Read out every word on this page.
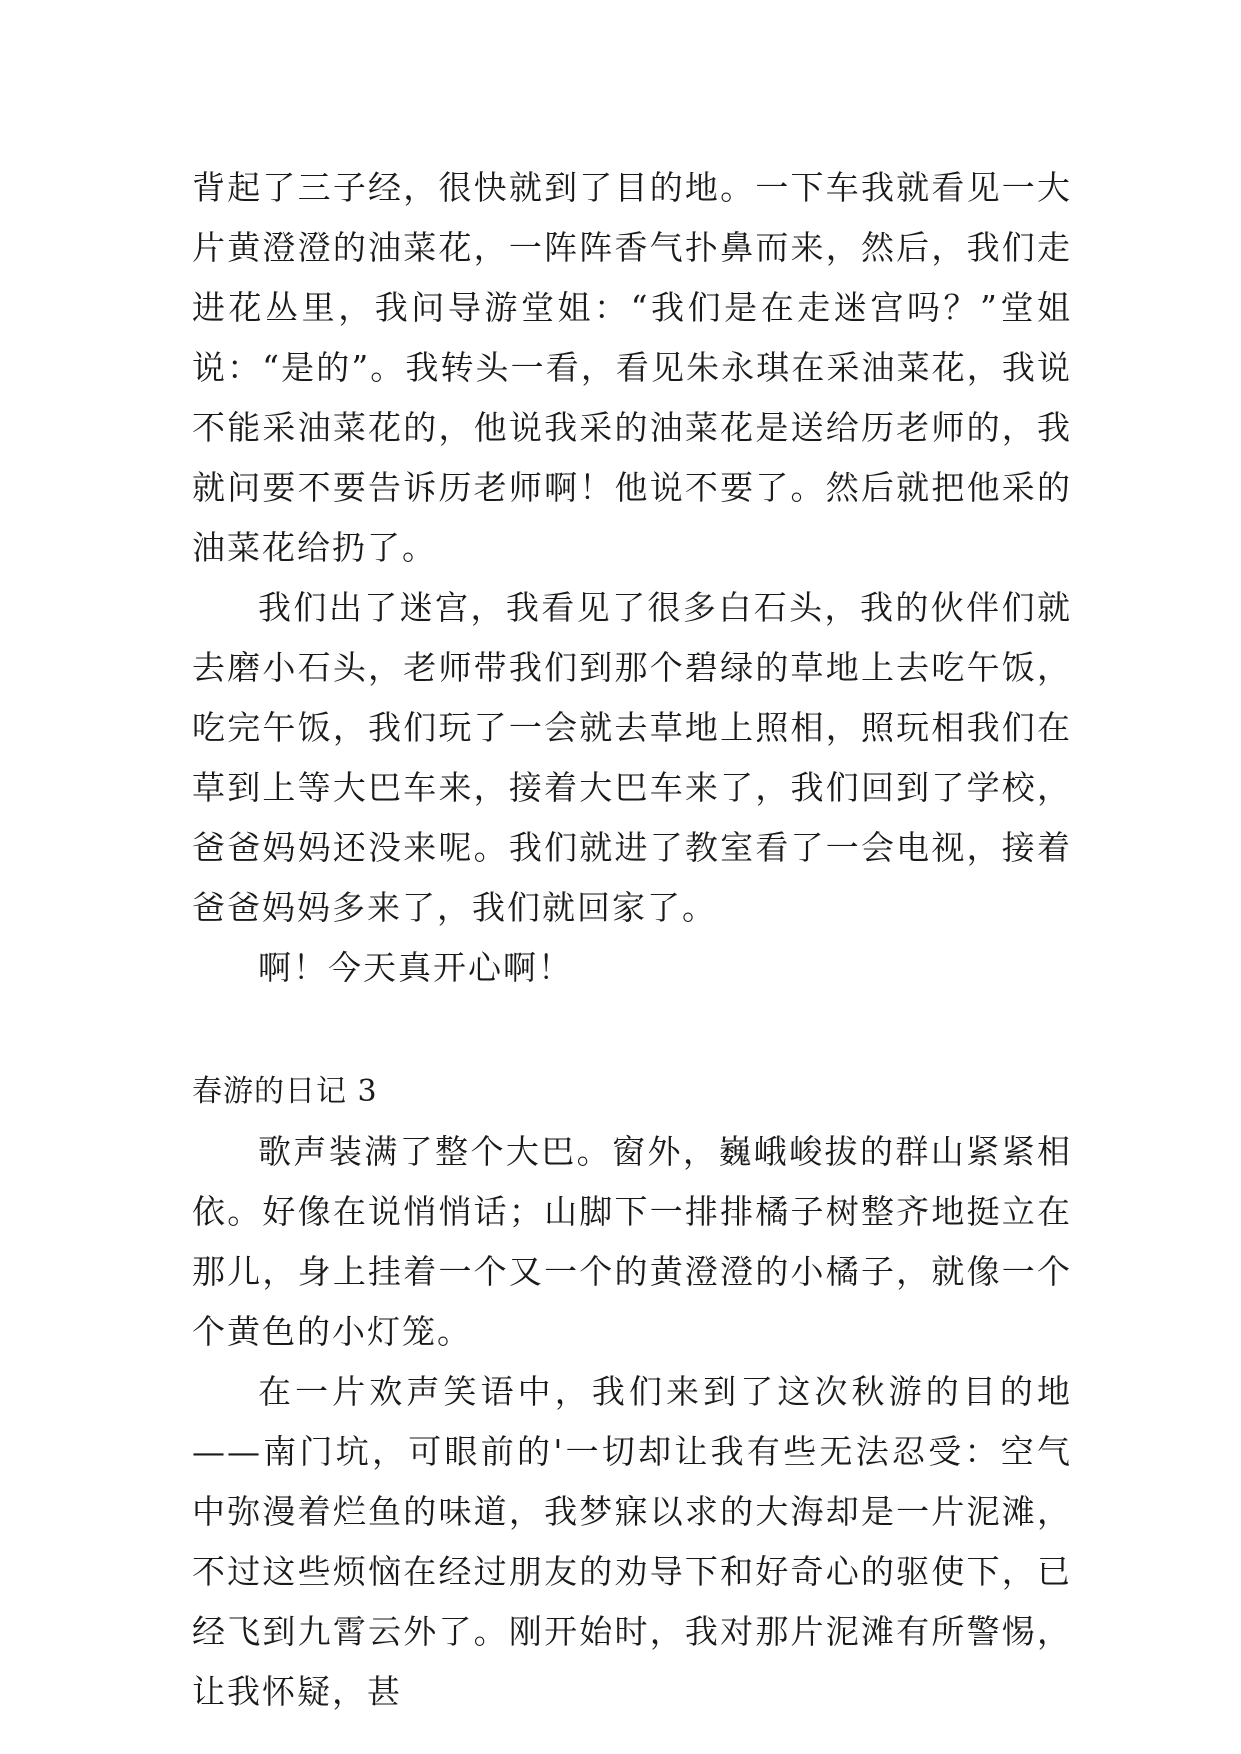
背起了三子经，很快就到了目的地。一下车我就看见一大片黄澄澄的油菜花，一阵阵香气扑鼻而来，然后，我们走进花丛里，我问导游堂姐：“我们是在走迷宫吗？”堂姐说：“是的”。我转头一看，看见朱永琪在采油菜花，我说不能采油菜花的，他说我采的油菜花是送给历老师的，我就问要不要告诉历老师啊！他说不要了。然后就把他采的油菜花给扔了。

我们出了迷宫，我看见了很多白石头，我的伙伴们就去磨小石头，老师带我们到那个碧绿的草地上去吃午饭，吃完午饭，我们玩了一会就去草地上照相，照玩相我们在草到上等大巴车来，接着大巴车来了，我们回到了学校，爸爸妈妈还没来呢。我们就进了教室看了一会电视，接着爸爸妈妈多来了，我们就回家了。

啊！今天真开心啊！

春游的日记 3

歌声装满了整个大巴。窗外，巍峨峻拔的群山紧紧相依。好像在说悄悄话；山脚下一排排橘子树整齐地挺立在那儿，身上挂着一个又一个的黄澄澄的小橘子，就像一个个黄色的小灯笼。

在一片欢声笑语中，我们来到了这次秋游的目的地——南门坑，可眼前的'一切却让我有些无法忍受：空气中弥漫着烂鱼的味道，我梦寐以求的大海却是一片泥滩，不过这些烦恼在经过朋友的劝导下和好奇心的驱使下，已经飞到九霄云外了。刚开始时，我对那片泥滩有所警惕，让我怀疑，甚
